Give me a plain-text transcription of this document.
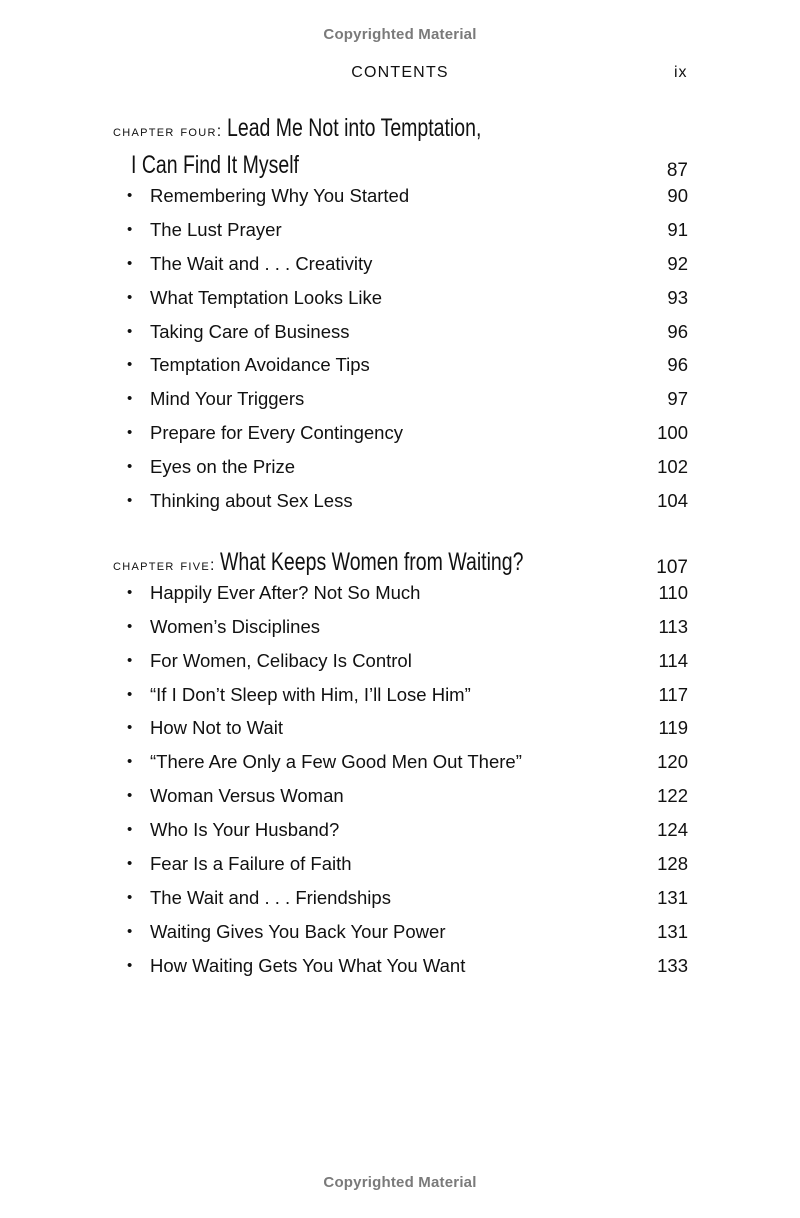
Copyrighted Material
CONTENTS	ix
chapter four: Lead Me Not into Temptation,
I Can Find It Myself	87
• Remembering Why You Started	90
• The Lust Prayer	91
• The Wait and . . . Creativity	92
• What Temptation Looks Like	93
• Taking Care of Business	96
• Temptation Avoidance Tips	96
• Mind Your Triggers	97
• Prepare for Every Contingency	100
• Eyes on the Prize	102
• Thinking about Sex Less	104
chapter five: What Keeps Women from Waiting?	107
• Happily Ever After? Not So Much	110
• Women’s Disciplines	113
• For Women, Celibacy Is Control	114
• “If I Don’t Sleep with Him, I’ll Lose Him”	117
• How Not to Wait	119
• “There Are Only a Few Good Men Out There”	120
• Woman Versus Woman	122
• Who Is Your Husband?	124
• Fear Is a Failure of Faith	128
• The Wait and . . . Friendships	131
• Waiting Gives You Back Your Power	131
• How Waiting Gets You What You Want	133
Copyrighted Material
